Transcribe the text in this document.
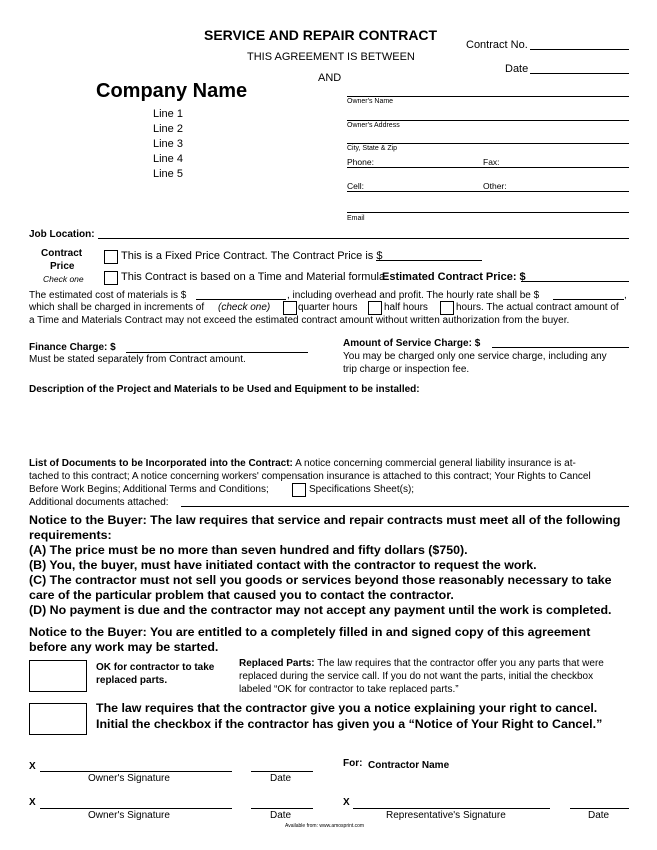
SERVICE AND REPAIR CONTRACT
THIS AGREEMENT IS BETWEEN
AND
Contract No.
Date
Company Name
Line 1
Line 2
Line 3
Line 4
Line 5
Owner's Name
Owner's Address
City, State & Zip
Phone:	Fax:
Cell:	Other:
Email
Job Location:
Contract
Price
Check one
This is a Fixed Price Contract. The Contract Price is $
This Contract is based on a Time and Material formula.
Estimated Contract Price: $
The estimated cost of materials is $	, including overhead and profit. The hourly rate shall be $	,
which shall be charged in increments of (check one)	quarter hours	half hours	hours. The actual contract amount of
a Time and Materials Contract may not exceed the estimated contract amount without written authorization from the buyer.
Finance Charge: $
Must be stated separately from Contract amount.
Amount of Service Charge: $
You may be charged only one service charge, including any
trip charge or inspection fee.
Description of the Project and Materials to be Used and Equipment to be installed:
List of Documents to be Incorporated into the Contract: A notice concerning commercial general liability insurance is at-
tached to this contract; A notice concerning workers' compensation insurance is attached to this contract; Your Rights to Cancel
Before Work Begins; Additional Terms and Conditions;	Specifications Sheet(s);
Additional documents attached:
Notice to the Buyer: The law requires that service and repair contracts must meet all of the following
requirements:
(A) The price must be no more than seven hundred and fifty dollars ($750).
(B) You, the buyer, must have initiated contact with the contractor to request the work.
(C) The contractor must not sell you goods or services beyond those reasonably necessary to take
care of the particular problem that caused you to contact the contractor.
(D) No payment is due and the contractor may not accept any payment until the work is completed.
Notice to the Buyer: You are entitled to a completely filled in and signed copy of this agreement
before any work may be started.
OK for contractor to take
replaced parts.
Replaced Parts: The law requires that the contractor offer you any parts that were
replaced during the service call. If you do not want the parts, initial the checkbox
labeled “OK for contractor to take replaced parts.”
The law requires that the contractor give you a notice explaining your right to cancel.
Initial the checkbox if the contractor has given you a “Notice of Your Right to Cancel.”
X
Owner's Signature	Date
For: Contractor Name
X
Owner's Signature	Date
X
Representative's Signature	Date
Available from: www.amosprint.com
